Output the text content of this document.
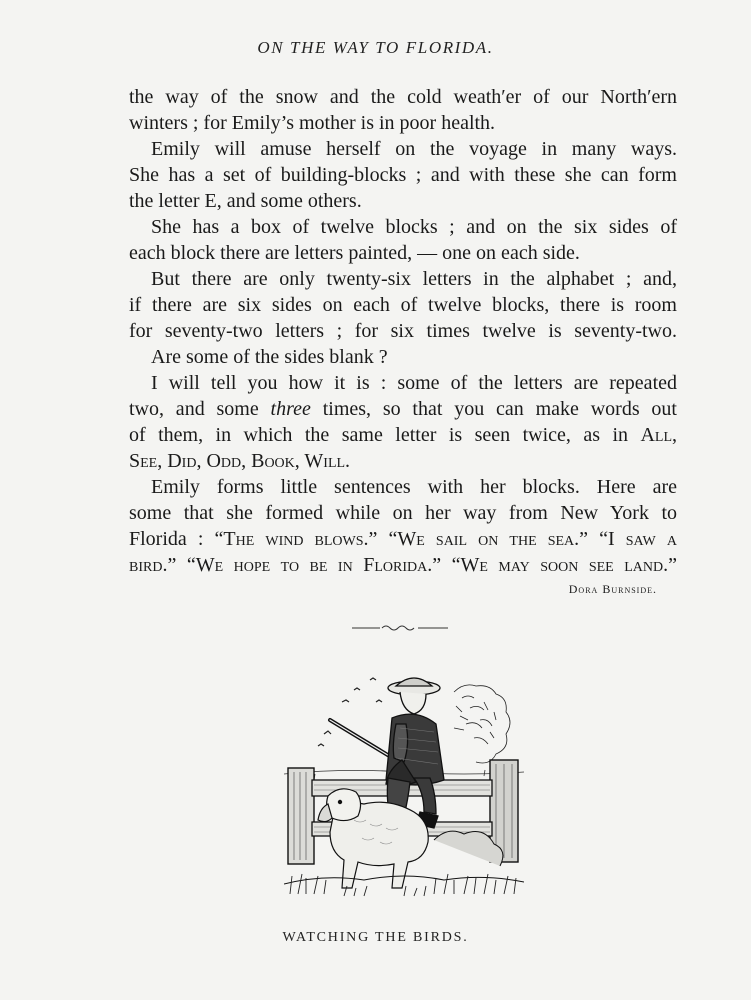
ON THE WAY TO FLORIDA.
the way of the snow and the cold weath′er of our North′ern
winters ; for Emily’s mother is in poor health.
Emily will amuse herself on the voyage in many ways.
She has a set of building-blocks ; and with these she can form
the letter E, and some others.
She has a box of twelve blocks ; and on the six sides of
each block there are letters painted, — one on each side.
But there are only twenty-six letters in the alphabet ; and,
if there are six sides on each of twelve blocks, there is room
for seventy-two letters ; for six times twelve is seventy-two.
Are some of the sides blank ?
I will tell you how it is : some of the letters are repeated
two, and some three times, so that you can make words out
of them, in which the same letter is seen twice, as in All,
See, Did, Odd, Book, Will.
Emily forms little sentences with her blocks. Here are
some that she formed while on her way from New York to
Florida : “The wind blows.” “We sail on the sea.” “I saw a
bird.” “We hope to be in Florida.” “We may soon see land.”
Dora Burnside.
WATCHING THE BIRDS.
